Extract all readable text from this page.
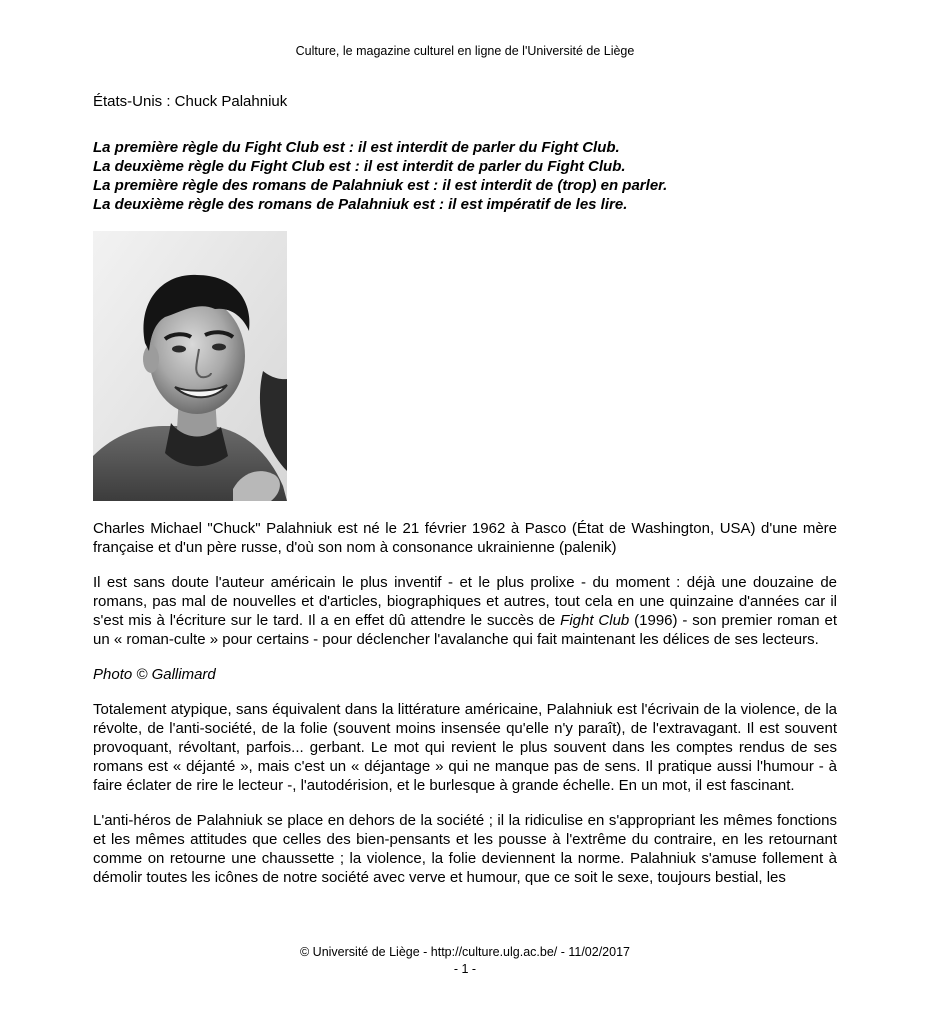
Culture, le magazine culturel en ligne de l'Université de Liège
États-Unis : Chuck Palahniuk
La première règle du Fight Club est : il est interdit de parler du Fight Club.
La deuxième règle du Fight Club est : il est interdit de parler du Fight Club.
La première règle des romans de Palahniuk est : il est interdit de (trop) en parler.
La deuxième règle des romans de Palahniuk est : il est impératif de les lire.

Charles Michael "Chuck" Palahniuk est né le 21 février 1962 à Pasco (État de Washington, USA) d'une mère française et d'un père russe, d'où son nom à consonance ukrainienne (palenik)

Il est sans doute l'auteur américain le plus inventif - et le plus prolixe - du moment : déjà une douzaine de romans, pas mal de nouvelles et d'articles, biographiques et autres, tout cela en une quinzaine d'années car il s'est mis à l'écriture sur le tard. Il a en effet dû attendre le succès de Fight Club (1996) - son premier roman et un « roman-culte » pour certains - pour déclencher l'avalanche qui fait maintenant les délices de ses lecteurs.

Photo © Gallimard

Totalement atypique, sans équivalent dans la littérature américaine, Palahniuk est l'écrivain de la violence, de la révolte, de l'anti-société, de la folie (souvent moins insensée qu'elle n'y paraît), de l'extravagant. Il est souvent provoquant, révoltant, parfois... gerbant. Le mot qui revient le plus souvent dans les comptes rendus de ses romans est « déjanté », mais c'est un « déjantage » qui ne manque pas de sens. Il pratique aussi l'humour - à faire éclater de rire le lecteur -, l'autodérision, et le burlesque à grande échelle. En un mot, il est fascinant.

L'anti-héros de Palahniuk se place en dehors de la société ; il la ridiculise en s'appropriant les mêmes fonctions et les mêmes attitudes que celles des bien-pensants et les pousse à l'extrême du contraire, en les retournant comme on retourne une chaussette ; la violence, la folie deviennent la norme. Palahniuk s'amuse follement à démolir toutes les icônes de notre société avec verve et humour, que ce soit le sexe, toujours bestial, les

© Université de Liège - http://culture.ulg.ac.be/ - 11/02/2017
- 1 -
